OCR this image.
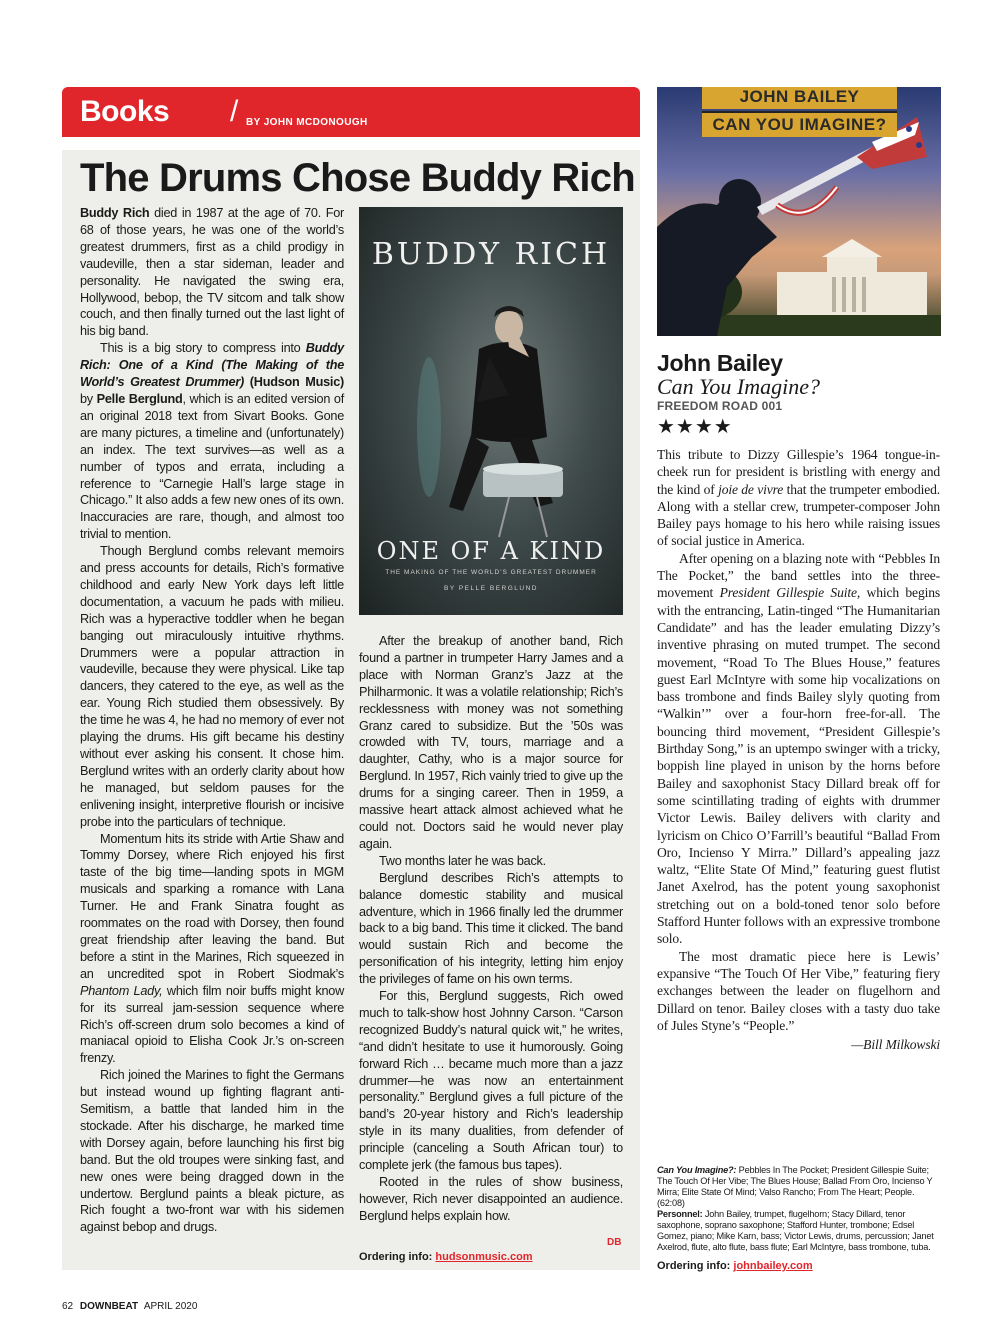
Books / BY JOHN MCDONOUGH
The Drums Chose Buddy Rich

Buddy Rich died in 1987 at the age of 70. For 68 of those years, he was one of the world’s greatest drummers, first as a child prodigy in vaudeville, then a star sideman, leader and personality. He navigated the swing era, Hollywood, bebop, the TV sitcom and talk show couch, and then finally turned out the last light of his big band.

This is a big story to compress into Buddy Rich: One of a Kind (The Making of the World’s Greatest Drummer) (Hudson Music) by Pelle Berglund, which is an edited version of an original 2018 text from Sivart Books. Gone are many pictures, a timeline and (unfortunately) an index. The text survives—as well as a number of typos and errata, including a reference to “Carnegie Hall’s large stage in Chicago.” It also adds a few new ones of its own. Inaccuracies are rare, though, and almost too trivial to mention.

Though Berglund combs relevant memoirs and press accounts for details, Rich’s formative childhood and early New York days left little documentation, a vacuum he pads with milieu. Rich was a hyperactive toddler when he began banging out miraculously intuitive rhythms. Drummers were a popular attraction in vaudeville, because they were physical. Like tap dancers, they catered to the eye, as well as the ear. Young Rich studied them obsessively. By the time he was 4, he had no memory of ever not playing the drums. His gift became his destiny without ever asking his consent. It chose him. Berglund writes with an orderly clarity about how he managed, but seldom pauses for the enlivening insight, interpretive flourish or incisive probe into the particulars of technique.

Momentum hits its stride with Artie Shaw and Tommy Dorsey, where Rich enjoyed his first taste of the big time—landing spots in MGM musicals and sparking a romance with Lana Turner. He and Frank Sinatra fought as roommates on the road with Dorsey, then found great friendship after leaving the band. But before a stint in the Marines, Rich squeezed in an uncredited spot in Robert Siodmak’s Phantom Lady, which film noir buffs might know for its surreal jam-session sequence where Rich’s off-screen drum solo becomes a kind of maniacal opioid to Elisha Cook Jr.’s on-screen frenzy.

Rich joined the Marines to fight the Germans but instead wound up fighting flagrant anti-Semitism, a battle that landed him in the stockade. After his discharge, he marked time with Dorsey again, before launching his first big band. But the old troupes were sinking fast, and new ones were being dragged down in the undertow. Berglund paints a bleak picture, as Rich fought a two-front war with his sidemen against bebop and drugs.

BUDDY RICH
ONE OF A KIND
THE MAKING OF THE WORLD'S GREATEST DRUMMER
BY PELLE BERGLUND

After the breakup of another band, Rich found a partner in trumpeter Harry James and a place with Norman Granz’s Jazz at the Philharmonic. It was a volatile relationship; Rich’s recklessness with money was not something Granz cared to subsidize. But the ’50s was crowded with TV, tours, marriage and a daughter, Cathy, who is a major source for Berglund. In 1957, Rich vainly tried to give up the drums for a singing career. Then in 1959, a massive heart attack almost achieved what he could not. Doctors said he would never play again.

Two months later he was back.

Berglund describes Rich’s attempts to balance domestic stability and musical adventure, which in 1966 finally led the drummer back to a big band. This time it clicked. The band would sustain Rich and become the personification of his integrity, letting him enjoy the privileges of fame on his own terms.

For this, Berglund suggests, Rich owed much to talk-show host Johnny Carson. “Carson recognized Buddy’s natural quick wit,” he writes, “and didn’t hesitate to use it humorously. Going forward Rich … became much more than a jazz drummer—he was now an entertainment personality.” Berglund gives a full picture of the band’s 20-year history and Rich’s leadership style in its many dualities, from defender of principle (canceling a South African tour) to complete jerk (the famous bus tapes).

Rooted in the rules of show business, however, Rich never disappointed an audience. Berglund helps explain how.

DB
Ordering info: hudsonmusic.com
JOHN BAILEY
CAN YOU IMAGINE?
John Bailey
Can You Imagine?
FREEDOM ROAD 001
★★★★

This tribute to Dizzy Gillespie’s 1964 tongue-in-cheek run for president is bristling with energy and the kind of joie de vivre that the trumpeter embodied. Along with a stellar crew, trumpeter-composer John Bailey pays homage to his hero while raising issues of social justice in America.

After opening on a blazing note with “Pebbles In The Pocket,” the band settles into the three-movement President Gillespie Suite, which begins with the entrancing, Latin-tinged “The Humanitarian Candidate” and has the leader emulating Dizzy’s inventive phrasing on muted trumpet. The second movement, “Road To The Blues House,” features guest Earl McIntyre with some hip vocalizations on bass trombone and finds Bailey slyly quoting from “Walkin’” over a four-horn free-for-all. The bouncing third movement, “President Gillespie’s Birthday Song,” is an uptempo swinger with a tricky, boppish line played in unison by the horns before Bailey and saxophonist Stacy Dillard break off for some scintillating trading of eights with drummer Victor Lewis. Bailey delivers with clarity and lyricism on Chico O’Farrill’s beautiful “Ballad From Oro, Incienso Y Mirra.” Dillard’s appealing jazz waltz, “Elite State Of Mind,” featuring guest flutist Janet Axelrod, has the potent young saxophonist stretching out on a bold-toned tenor solo before Stafford Hunter follows with an expressive trombone solo.

The most dramatic piece here is Lewis’ expansive “The Touch Of Her Vibe,” featuring fiery exchanges between the leader on flugelhorn and Dillard on tenor. Bailey closes with a tasty duo take of Jules Styne’s “People.”

—Bill Milkowski

Can You Imagine?: Pebbles In The Pocket; President Gillespie Suite; The Touch Of Her Vibe; The Blues House; Ballad From Oro, Incienso Y Mirra; Elite State Of Mind; Valso Rancho; From The Heart; People. (62:08)

Personnel: John Bailey, trumpet, flugelhorn; Stacy Dillard, tenor saxophone, soprano saxophone; Stafford Hunter, trombone; Edsel Gomez, piano; Mike Karn, bass; Victor Lewis, drums, percussion; Janet Axelrod, flute, alto flute, bass flute; Earl McIntyre, bass trombone, tuba.

Ordering info: johnbailey.com
62 DOWNBEAT APRIL 2020
